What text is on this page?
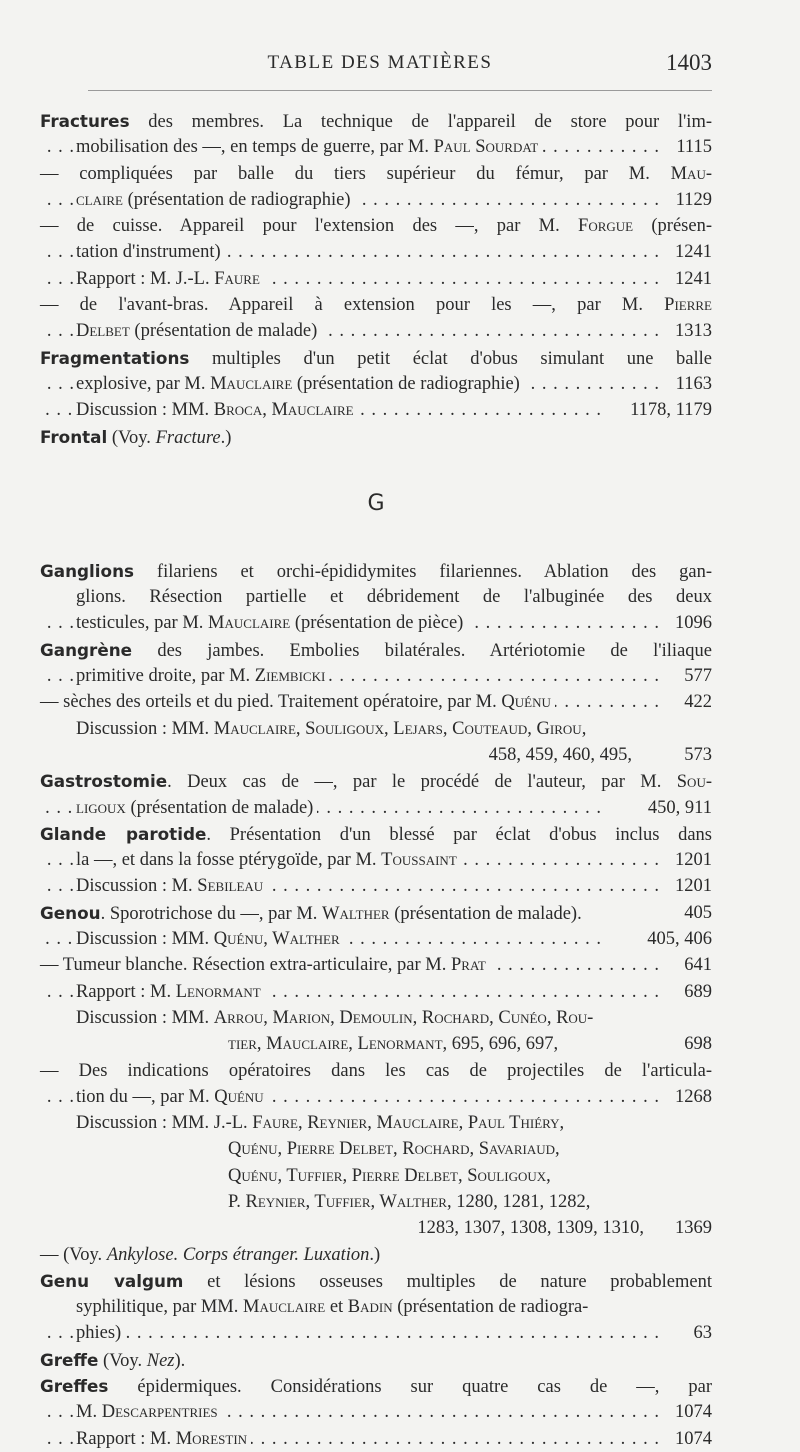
TABLE DES MATIÈRES	1403
Fractures des membres. La technique de l'appareil de store pour l'im-
mobilisation des —, en temps de guerre, par M. Paul Sourdat	1115
. . .
— compliquées par balle du tiers supérieur du fémur, par M. Mau-
claire (présentation de radiographie)	1129
. . .
— de cuisse. Appareil pour l'extension des —, par M. Forgue (présen-
tation d'instrument)	1241
. . .
Rapport : M. J.-L. Faure	1241
. . .
— de l'avant-bras. Appareil à extension pour les —, par M. Pierre
Delbet (présentation de malade)	1313
. . .
Fragmentations multiples d'un petit éclat d'obus simulant une balle
explosive, par M. Mauclaire (présentation de radiographie)	1163
. . .
Discussion : MM. Broca, Mauclaire	1178, 1179
. . .
Frontal (Voy. Fracture.)
G
Ganglions filariens et orchi-épididymites filariennes. Ablation des gan-
glions. Résection partielle et débridement de l'albuginée des deux
testicules, par M. Mauclaire (présentation de pièce)	1096
. . .
Gangrène des jambes. Embolies bilatérales. Artériotomie de l'iliaque
primitive droite, par M. Ziembicki	577
. . .
— sèches des orteils et du pied. Traitement opératoire, par M. Quénu	422
. . .
Discussion : MM. Mauclaire, Souligoux, Lejars, Couteaud, Girou,
458, 459, 460, 495,	573
Gastrostomie. Deux cas de —, par le procédé de l'auteur, par M. Sou-
ligoux (présentation de malade)	450, 911
. . .
Glande parotide. Présentation d'un blessé par éclat d'obus inclus dans
la —, et dans la fosse ptérygoïde, par M. Toussaint	1201
. . .
Discussion : M. Sebileau	1201
. . .
Genou. Sporotrichose du —, par M. Walther (présentation de malade).	405
Discussion : MM. Quénu, Walther	405, 406
. . .
— Tumeur blanche. Résection extra-articulaire, par M. Prat	641
. . .
Rapport : M. Lenormant	689
. . .
Discussion : MM. Arrou, Marion, Demoulin, Rochard, Cunéo, Rou-
tier, Mauclaire, Lenormant, 695, 696, 697,	698
— Des indications opératoires dans les cas de projectiles de l'articula-
tion du —, par M. Quénu	1268
. . .
Discussion : MM. J.-L. Faure, Reynier, Mauclaire, Paul Thiéry,
Quénu, Pierre Delbet, Rochard, Savariaud,
Quénu, Tuffier, Pierre Delbet, Souligoux,
P. Reynier, Tuffier, Walther, 1280, 1281, 1282,
1283, 1307, 1308, 1309, 1310, 1369
— (Voy. Ankylose. Corps étranger. Luxation.)
Genu valgum et lésions osseuses multiples de nature probablement
syphilitique, par MM. Mauclaire et Badin (présentation de radiogra-
phies)	63
. . .
Greffe (Voy. Nez).
Greffes épidermiques. Considérations sur quatre cas de —, par
M. Descarpentries	1074
. . .
Rapport : M. Morestin	1074
. . .
